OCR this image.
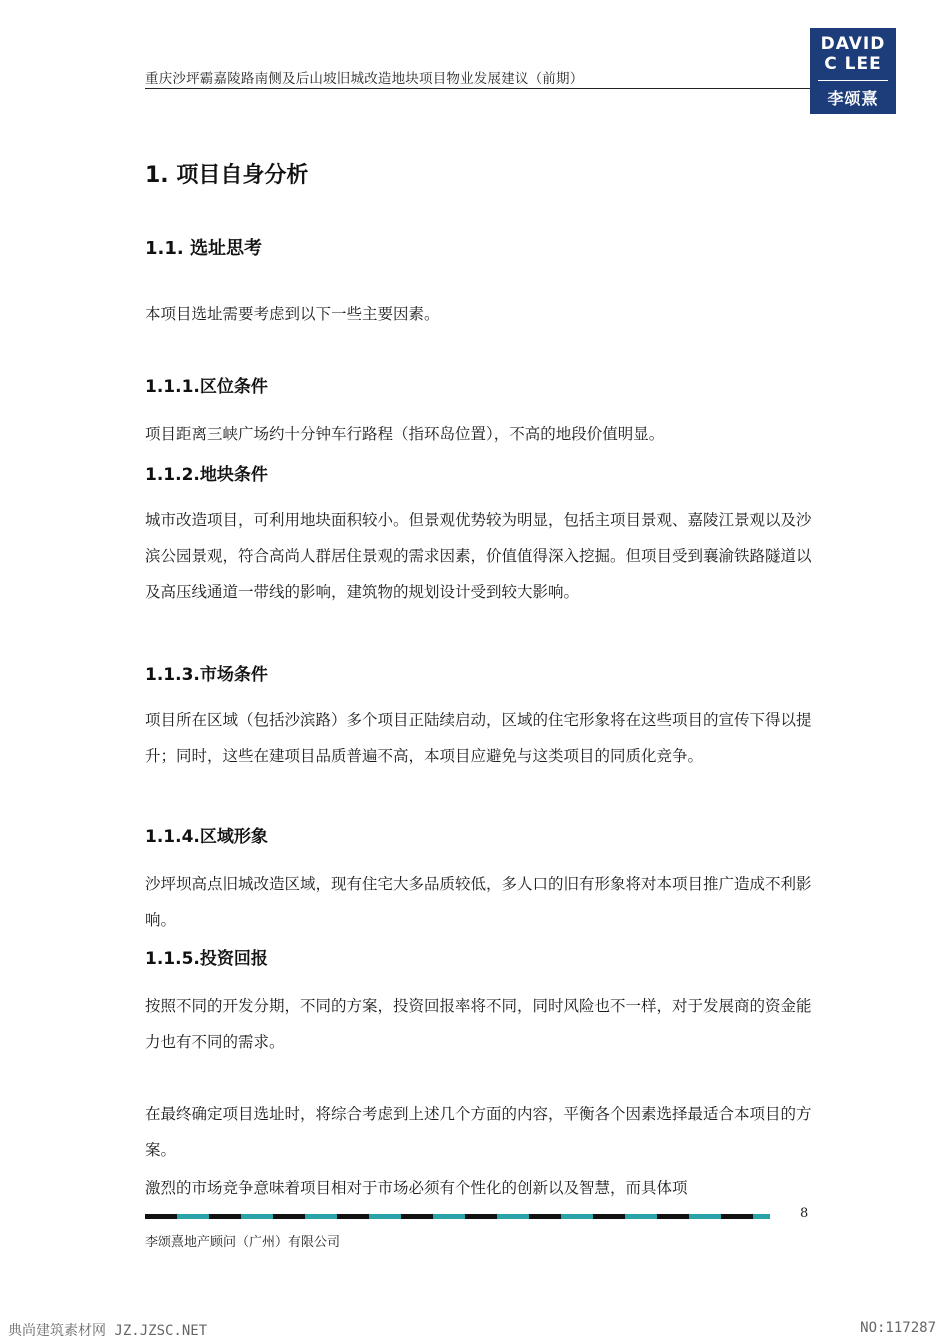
重庆沙坪霸嘉陵路南侧及后山坡旧城改造地块项目物业发展建议（前期）
DAVID
C LEE
李颂熹
1. 项目自身分析
1.1. 选址思考
本项目选址需要考虑到以下一些主要因素。
1.1.1.区位条件
项目距离三峡广场约十分钟车行路程（指环岛位置），不高的地段价值明显。
1.1.2.地块条件
城市改造项目，可利用地块面积较小。但景观优势较为明显，包括主项目景观、嘉陵江景观以及沙滨公园景观，符合高尚人群居住景观的需求因素，价值值得深入挖掘。但项目受到襄渝铁路隧道以及高压线通道一带线的影响，建筑物的规划设计受到较大影响。
1.1.3.市场条件
项目所在区域（包括沙滨路）多个项目正陆续启动，区域的住宅形象将在这些项目的宣传下得以提升；同时，这些在建项目品质普遍不高，本项目应避免与这类项目的同质化竞争。
1.1.4.区域形象
沙坪坝高点旧城改造区域，现有住宅大多品质较低，多人口的旧有形象将对本项目推广造成不利影响。
1.1.5.投资回报
按照不同的开发分期，不同的方案，投资回报率将不同，同时风险也不一样，对于发展商的资金能力也有不同的需求。
在最终确定项目选址时，将综合考虑到上述几个方面的内容，平衡各个因素选择最适合本项目的方案。
激烈的市场竞争意味着项目相对于市场必须有个性化的创新以及智慧，而具体项
8
李颂熹地产顾问（广州）有限公司
典尚建筑素材网 JZ.JZSC.NET	NO:117287
